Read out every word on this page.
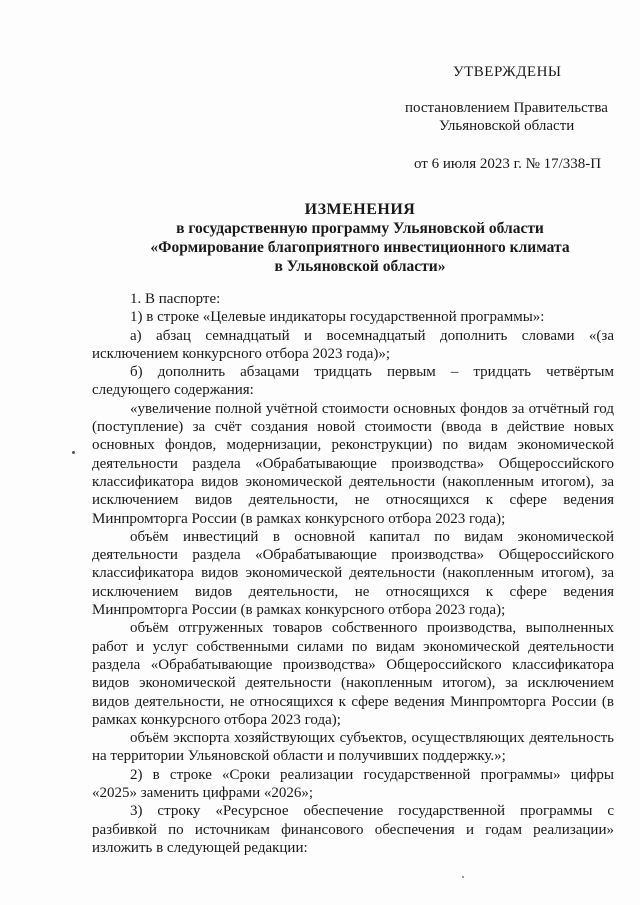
УТВЕРЖДЕНЫ
постановлением Правительства
Ульяновской области
от 6 июля 2023 г. № 17/338-П
ИЗМЕНЕНИЯ
в государственную программу Ульяновской области
«Формирование благоприятного инвестиционного климата
в Ульяновской области»

1. В паспорте:

1) в строке «Целевые индикаторы государственной программы»:

а) абзац семнадцатый и восемнадцатый дополнить словами «(за исключением конкурсного отбора 2023 года)»;

б) дополнить абзацами тридцать первым – тридцать четвёртым следующего содержания:

«увеличение полной учётной стоимости основных фондов за отчётный год (поступление) за счёт создания новой стоимости (ввода в действие новых основных фондов, модернизации, реконструкции) по видам экономической деятельности раздела «Обрабатывающие производства» Общероссийского классификатора видов экономической деятельности (накопленным итогом), за исключением видов деятельности, не относящихся к сфере ведения Минпромторга России (в рамках конкурсного отбора 2023 года);

объём инвестиций в основной капитал по видам экономической деятельности раздела «Обрабатывающие производства» Общероссийского классификатора видов экономической деятельности (накопленным итогом), за исключением видов деятельности, не относящихся к сфере ведения Минпромторга России (в рамках конкурсного отбора 2023 года);

объём отгруженных товаров собственного производства, выполненных работ и услуг собственными силами по видам экономической деятельности раздела «Обрабатывающие производства» Общероссийского классификатора видов экономической деятельности (накопленным итогом), за исключением видов деятельности, не относящихся к сфере ведения Минпромторга России (в рамках конкурсного отбора 2023 года);

объём экспорта хозяйствующих субъектов, осуществляющих деятельность на территории Ульяновской области и получивших поддержку.»;

2) в строке «Сроки реализации государственной программы» цифры «2025» заменить цифрами «2026»;

3) строку «Ресурсное обеспечение государственной программы с разбивкой по источникам финансового обеспечения и годам реализации» изложить в следующей редакции:
